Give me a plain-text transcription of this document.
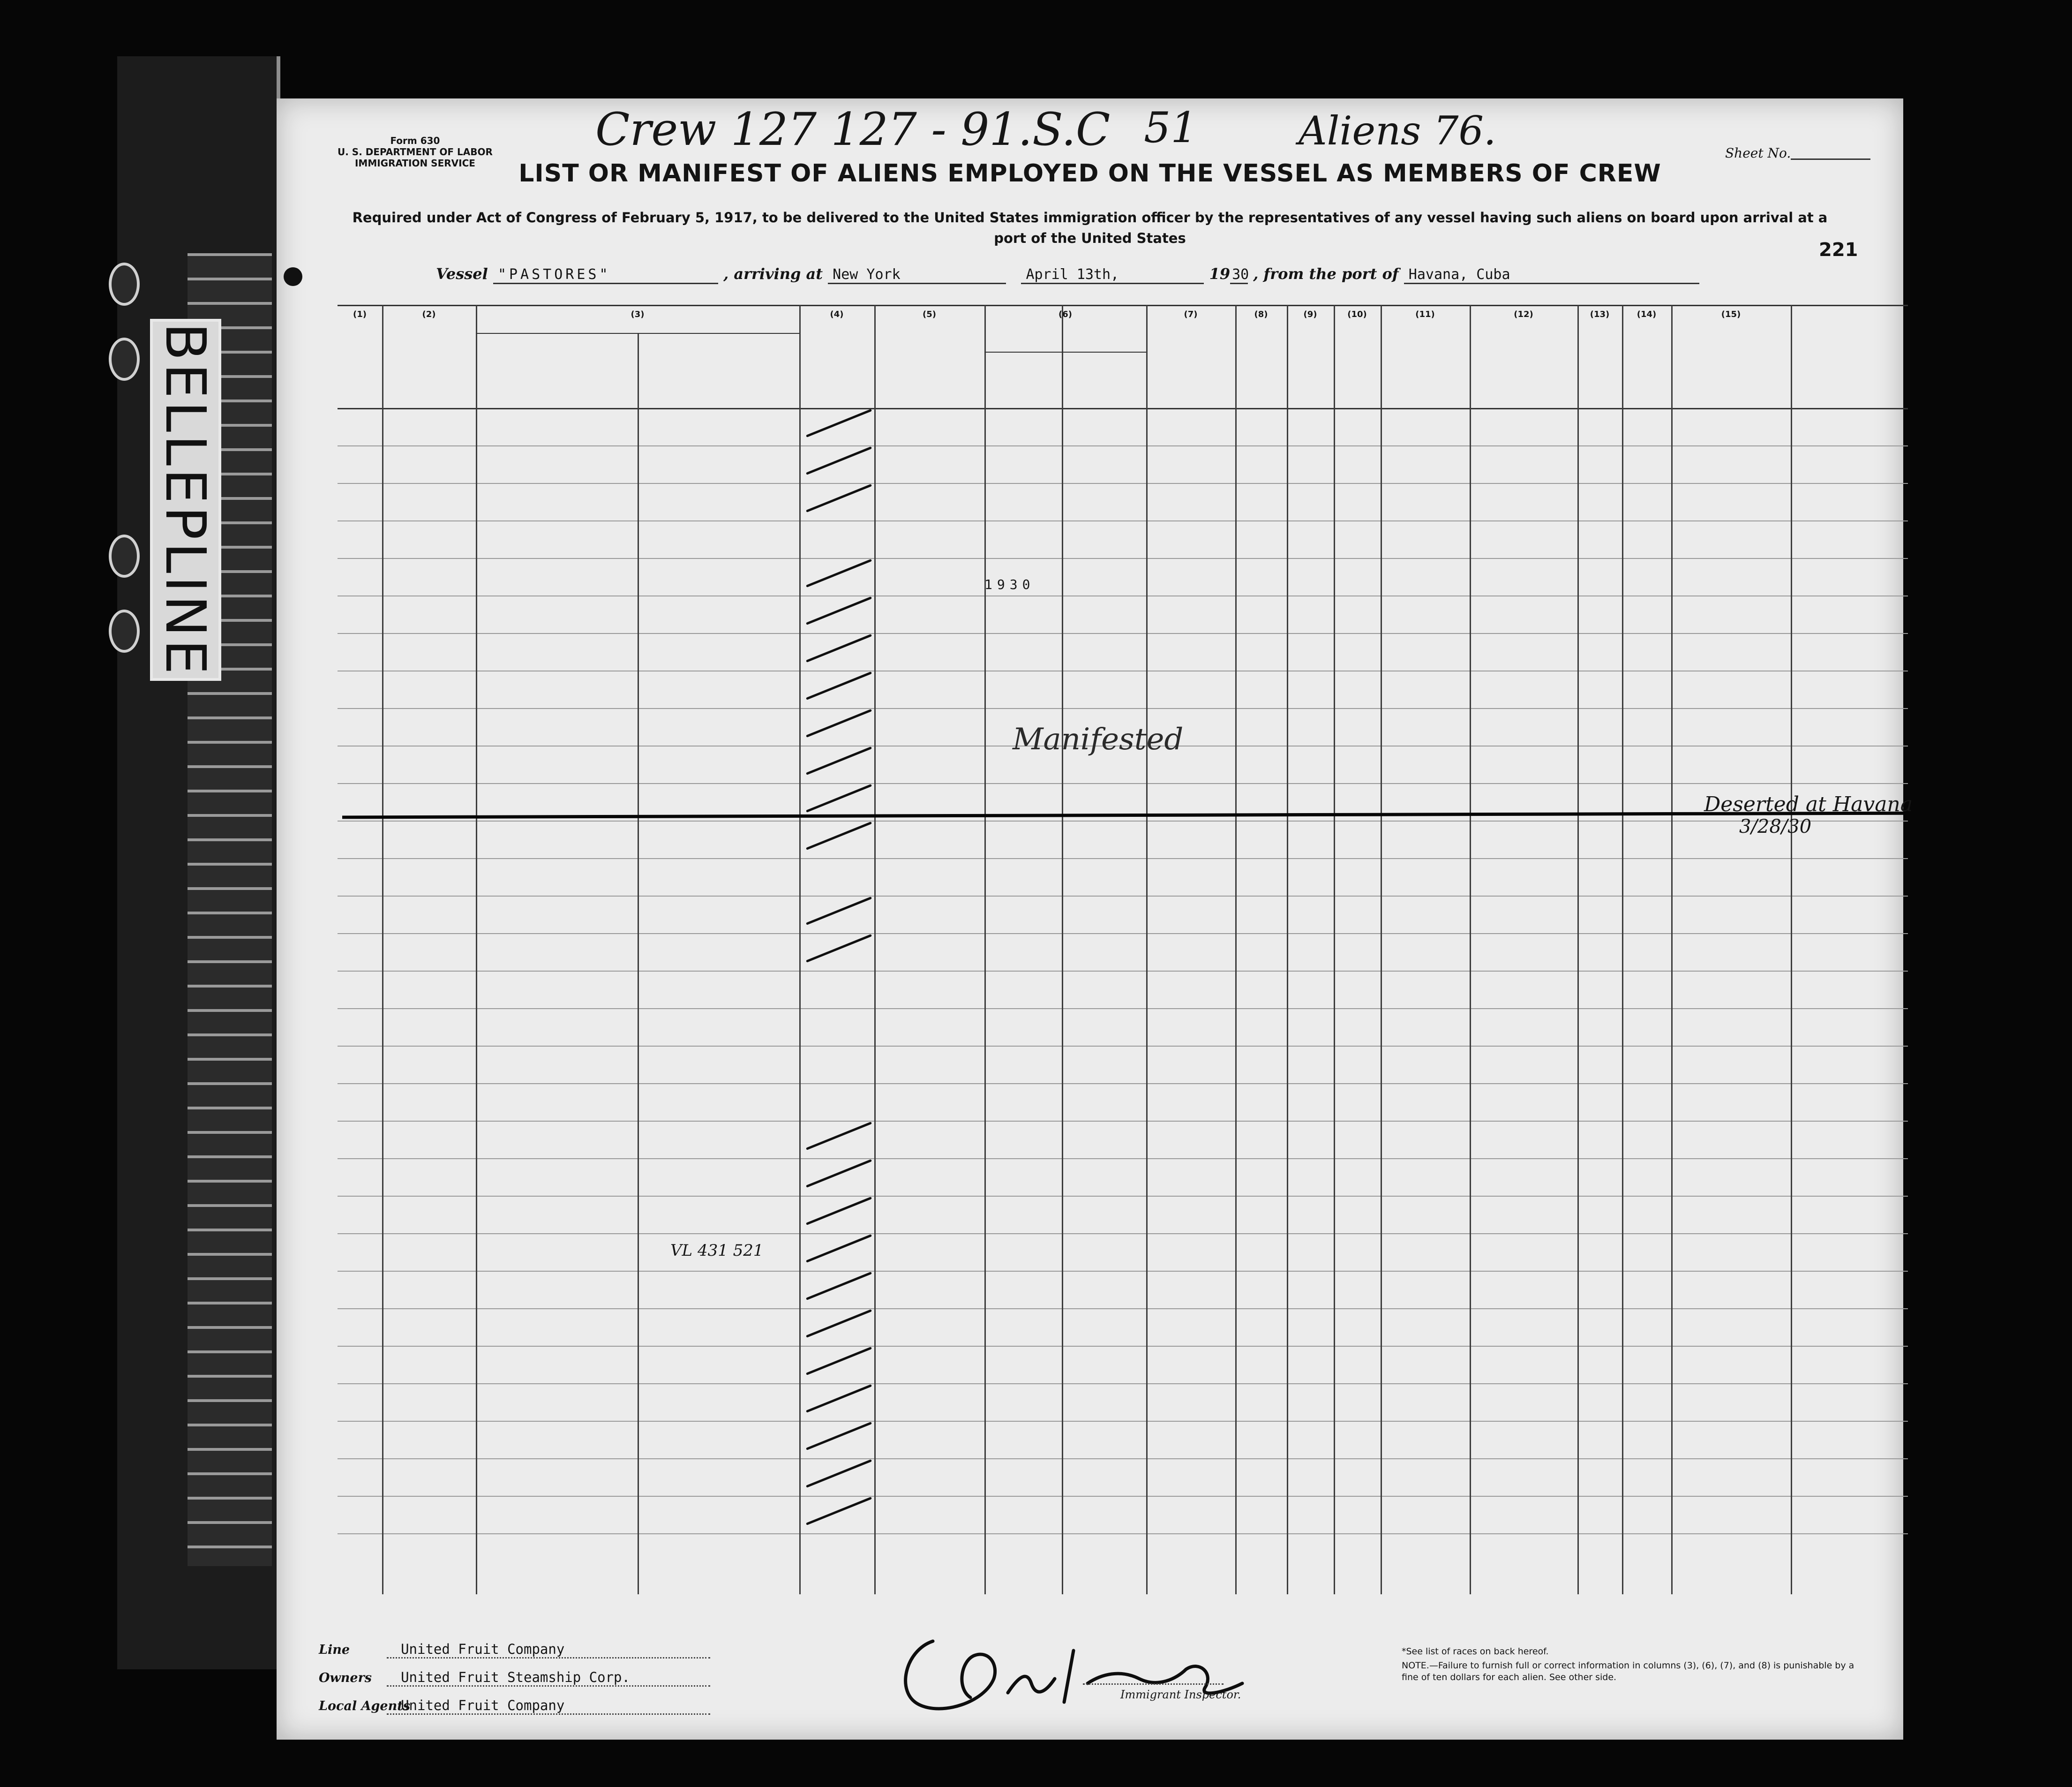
BELLEPLINE
Form 630
U. S. DEPARTMENT OF LABOR
IMMIGRATION SERVICE
Crew 127 127 - 91.S.C 51	Aliens 76.	Sheet No.
LIST OR MANIFEST OF ALIENS EMPLOYED ON THE VESSEL AS MEMBERS OF CREW
Required under Act of Congress of February 5, 1917, to be delivered to the United States immigration officer by the representatives of any vessel having such aliens on board upon arrival at a port of the United States
221
Vessel "PASTORES"	, arriving at New York	April 13th,	19 30 , from the port of Havana, Cuba
(1)	(2)	(3)	(4)	(5)	(6)	(7)	(8)	(9)	(10)	(11)	(12)	(13)	(14)	(15)
Manifested
1930
Deserted at Havana
3/28/30
VL 431 521
Line	United Fruit Company
Owners United Fruit Steamship Corp.
Local Agents United Fruit Company
Immigrant Inspector.
*See list of races on back hereof.
NOTE.—Failure to furnish full or correct information in columns (3), (6), (7), and (8) is punishable by a fine of ten dollars for each alien. See other side.
